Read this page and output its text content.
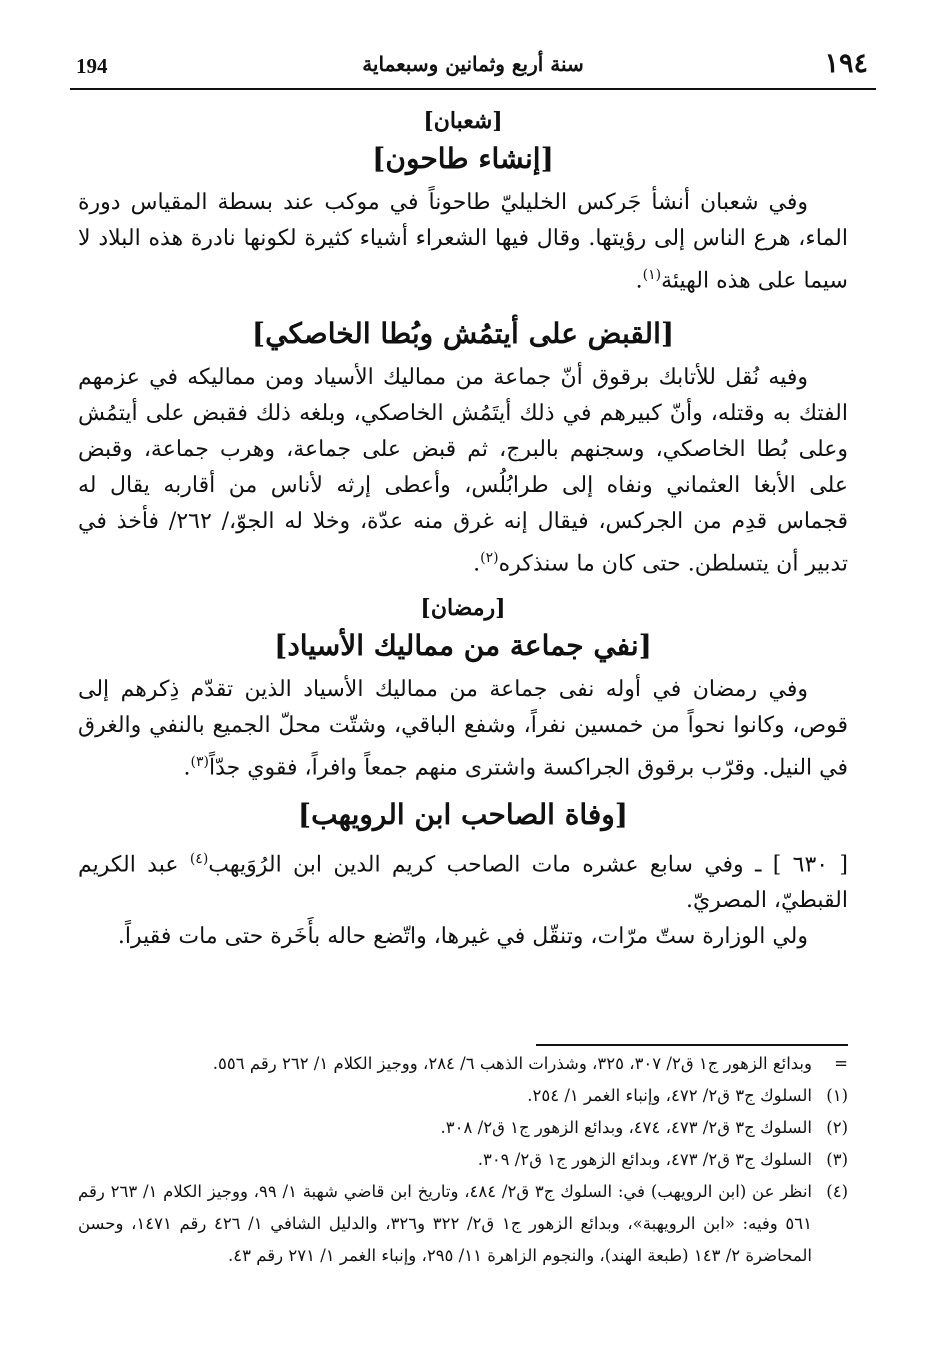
194	سنة أربع وثمانين وسبعماية	١٩٤
[شعبان]
[إنشاء طاحون]

وفي شعبان أنشأ جَركس الخليليّ طاحوناً في موكب عند بسطة المقياس دورة الماء، هرع الناس إلى رؤيتها. وقال فيها الشعراء أشياء كثيرة لكونها نادرة هذه البلاد لا سيما على هذه الهيئة$^{(١)}$.

[القبض على أيتمُش وبُطا الخاصكي]

وفيه نُقل للأتابك برقوق أنّ جماعة من مماليك الأسياد ومن مماليكه في عزمهم الفتك به وقتله، وأنّ كبيرهم في ذلك أيتَمُش الخاصكي، وبلغه ذلك فقبض على أيتمُش وعلى بُطا الخاصكي، وسجنهم بالبرج، ثم قبض على جماعة، وهرب جماعة، وقبض على الأبغا العثماني ونفاه إلى طرابُلُس، وأعطى إرثه لأناس من أقاربه يقال له قجماس قدِم من الجركس، فيقال إنه غرق منه عدّة، وخلا له الجوّ،/ ٢٦٢/ فأخذ في تدبير أن يتسلطن. حتى كان ما سنذكره$^{(٢)}$.

[رمضان]
[نفي جماعة من مماليك الأسياد]

وفي رمضان في أوله نفى جماعة من مماليك الأسياد الذين تقدّم ذِكرهم إلى قوص، وكانوا نحواً من خمسين نفراً، وشفع الباقي، وشتّت محلّ الجميع بالنفي والغرق في النيل. وقرّب برقوق الجراكسة واشترى منهم جمعاً وافراً، فقوي جدّاً$^{(٣)}$.

[وفاة الصاحب ابن الرويهب]

[ ٦٣٠ ] ـ وفي سابع عشره مات الصاحب كريم الدين ابن الرُوَيهب$^{(٤)}$ عبد الكريم القبطيّ، المصريّ.

ولي الوزارة ستّ مرّات، وتنقّل في غيرها، واتّضع حاله بأَخَرة حتى مات فقيراً.

=
وبدائع الزهور ج١ ق٢/ ٣٠٧، ٣٢٥، وشذرات الذهب ٦/ ٢٨٤، ووجيز الكلام ١/ ٢٦٢ رقم ٥٥٦.
(١)
السلوك ج٣ ق٢/ ٤٧٢، وإنباء الغمر ١/ ٢٥٤.
(٢)
السلوك ج٣ ق٢/ ٤٧٣، ٤٧٤، وبدائع الزهور ج١ ق٢/ ٣٠٨.
(٣)
السلوك ج٣ ق٢/ ٤٧٣، وبدائع الزهور ج١ ق٢/ ٣٠٩.
(٤)
انظر عن (ابن الرويهب) في: السلوك ج٣ ق٢/ ٤٨٤، وتاريخ ابن قاضي شهبة ١/ ٩٩، ووجيز الكلام ١/ ٢٦٣ رقم ٥٦١ وفيه: «ابن الرويهبة»، وبدائع الزهور ج١ ق٢/ ٣٢٢ و٣٢٦، والدليل الشافي ١/ ٤٢٦ رقم ١٤٧١، وحسن المحاضرة ٢/ ١٤٣ (طبعة الهند)، والنجوم الزاهرة ١١/ ٢٩٥، وإنباء الغمر ١/ ٢٧١ رقم ٤٣.
